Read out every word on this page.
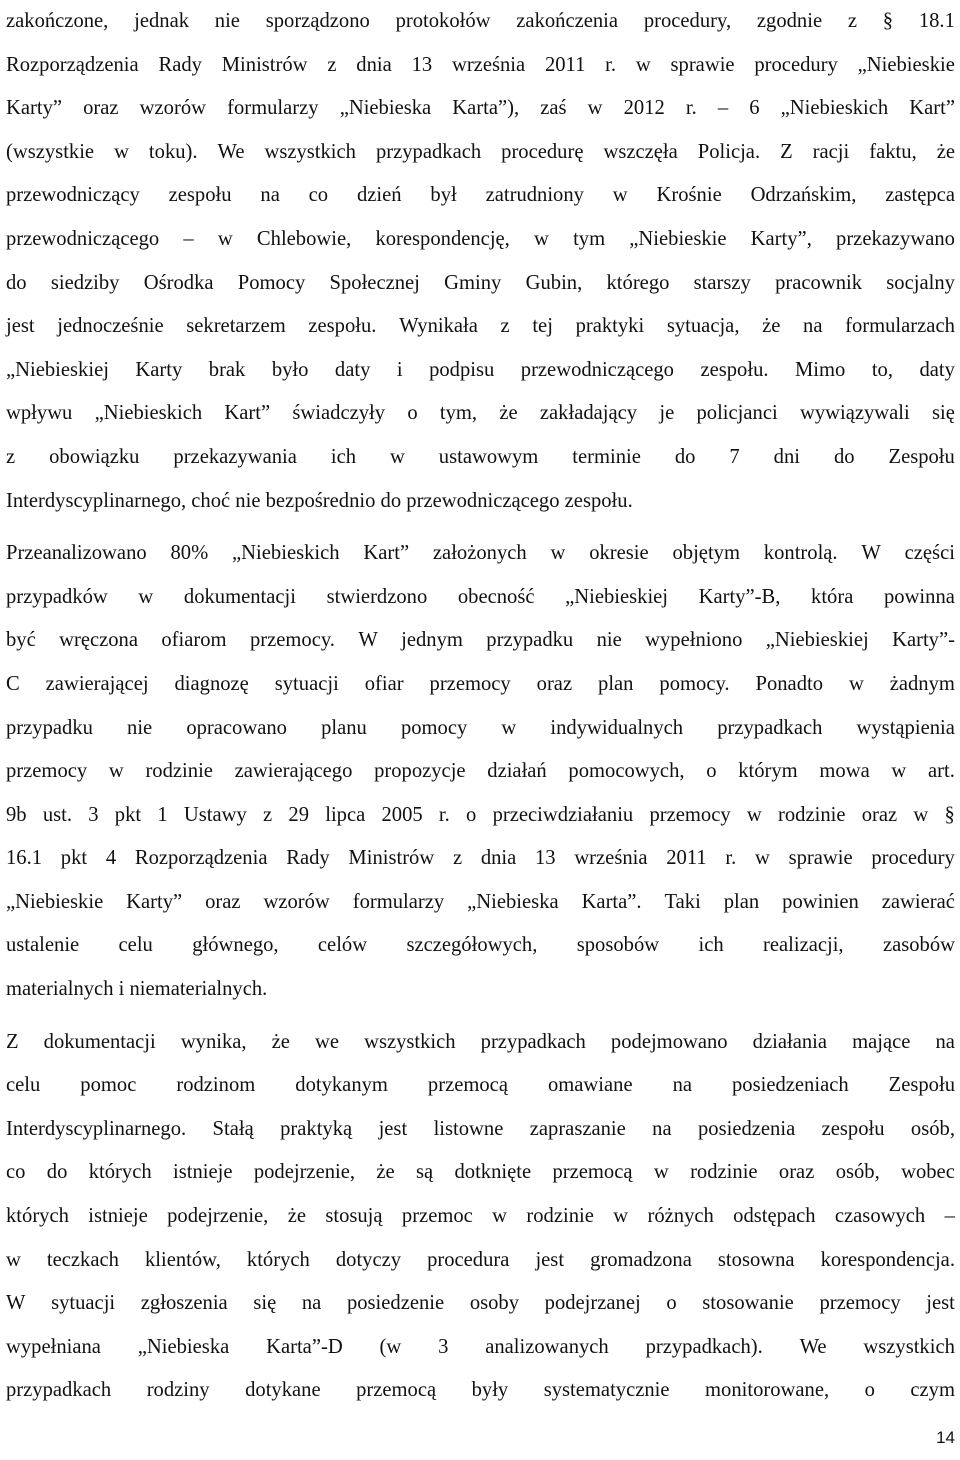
zakończone, jednak nie sporządzono protokołów zakończenia procedury, zgodnie z § 18.1
Rozporządzenia Rady Ministrów z dnia 13 września 2011 r. w sprawie procedury „Niebieskie
Karty” oraz wzorów formularzy „Niebieska Karta”), zaś w 2012 r. – 6 „Niebieskich Kart”
(wszystkie w toku). We wszystkich przypadkach procedurę wszczęła Policja. Z racji faktu, że
przewodniczący zespołu na co dzień był zatrudniony w Krośnie Odrzańskim, zastępca
przewodniczącego – w Chlebowie, korespondencję, w tym „Niebieskie Karty”, przekazywano
do siedziby Ośrodka Pomocy Społecznej Gminy Gubin, którego starszy pracownik socjalny
jest jednocześnie sekretarzem zespołu. Wynikała z tej praktyki sytuacja, że na formularzach
„Niebieskiej Karty brak było daty i podpisu przewodniczącego zespołu. Mimo to, daty
wpływu „Niebieskich Kart” świadczyły o tym, że zakładający je policjanci wywiązywali się
z obowiązku przekazywania ich w ustawowym terminie do 7 dni do Zespołu
Interdyscyplinarnego, choć nie bezpośrednio do przewodniczącego zespołu.
Przeanalizowano 80% „Niebieskich Kart” założonych w okresie objętym kontrolą. W części
przypadków w dokumentacji stwierdzono obecność „Niebieskiej Karty”-B, która powinna
być wręczona ofiarom przemocy. W jednym przypadku nie wypełniono „Niebieskiej Karty”-
C zawierającej diagnozę sytuacji ofiar przemocy oraz plan pomocy. Ponadto w żadnym
przypadku nie opracowano planu pomocy w indywidualnych przypadkach wystąpienia
przemocy w rodzinie zawierającego propozycje działań pomocowych, o którym mowa w art.
9b ust. 3 pkt 1 Ustawy z 29 lipca 2005 r. o przeciwdziałaniu przemocy w rodzinie oraz w §
16.1 pkt 4 Rozporządzenia Rady Ministrów z dnia 13 września 2011 r. w sprawie procedury
„Niebieskie Karty” oraz wzorów formularzy „Niebieska Karta”. Taki plan powinien zawierać
ustalenie celu głównego, celów szczegółowych, sposobów ich realizacji, zasobów
materialnych i niematerialnych.
Z dokumentacji wynika, że we wszystkich przypadkach podejmowano działania mające na
celu pomoc rodzinom dotykanym przemocą omawiane na posiedzeniach Zespołu
Interdyscyplinarnego. Stałą praktyką jest listowne zapraszanie na posiedzenia zespołu osób,
co do których istnieje podejrzenie, że są dotknięte przemocą w rodzinie oraz osób, wobec
których istnieje podejrzenie, że stosują przemoc w rodzinie w różnych odstępach czasowych –
w teczkach klientów, których dotyczy procedura jest gromadzona stosowna korespondencja.
W sytuacji zgłoszenia się na posiedzenie osoby podejrzanej o stosowanie przemocy jest
wypełniana „Niebieska Karta”-D (w 3 analizowanych przypadkach). We wszystkich
przypadkach rodziny dotykane przemocą były systematycznie monitorowane, o czym
14
